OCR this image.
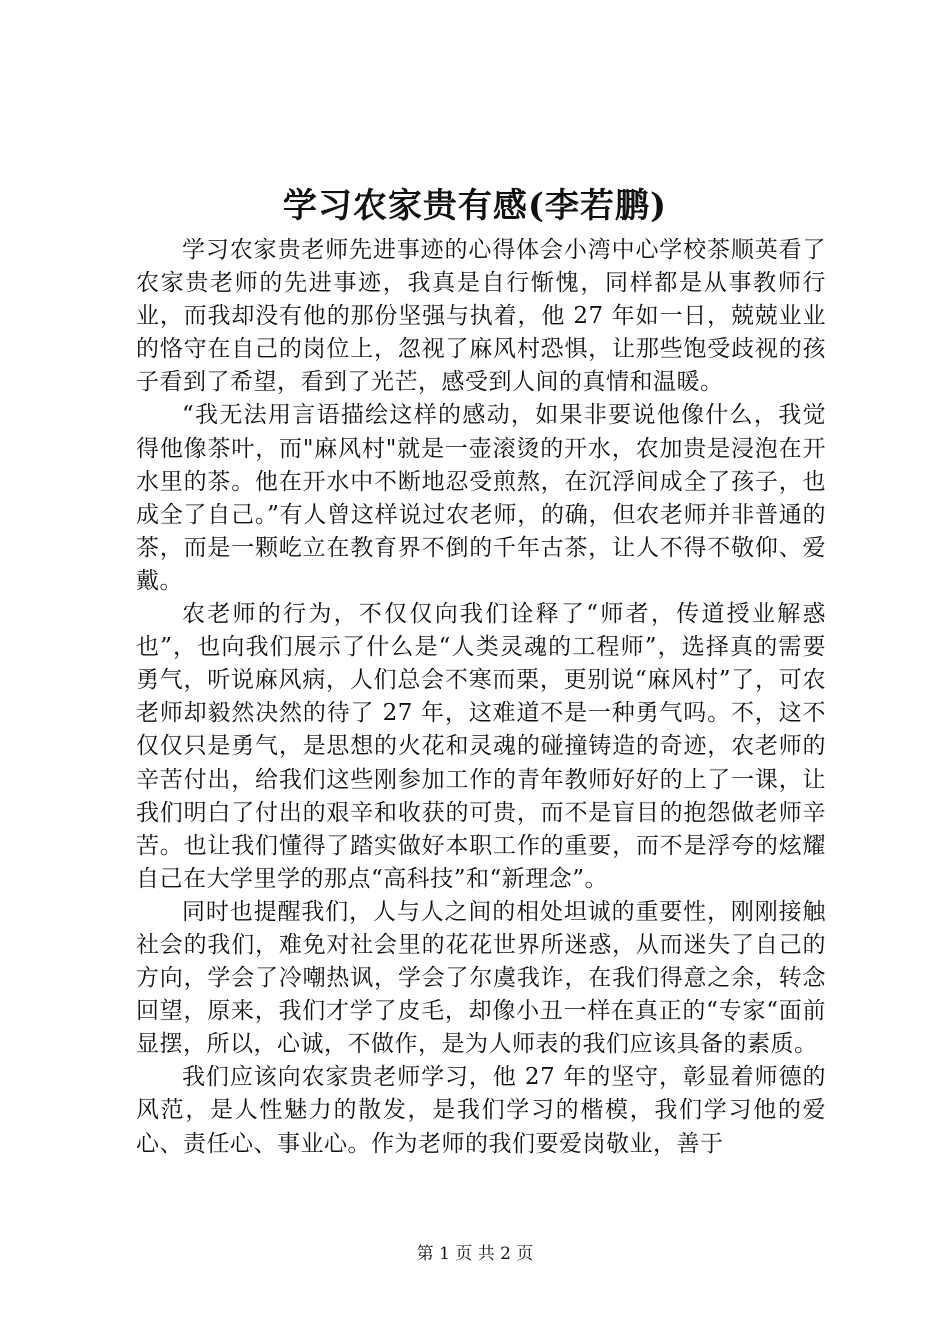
学习农家贵有感(李若鹏)

学习农家贵老师先进事迹的心得体会小湾中心学校茶顺英看了农家贵老师的先进事迹，我真是自行惭愧，同样都是从事教师行业，而我却没有他的那份坚强与执着，他 27 年如一日，兢兢业业的恪守在自己的岗位上，忽视了麻风村恐惧，让那些饱受歧视的孩子看到了希望，看到了光芒，感受到人间的真情和温暖。

“我无法用言语描绘这样的感动，如果非要说他像什么，我觉得他像茶叶，而"麻风村"就是一壶滚烫的开水，农加贵是浸泡在开水里的茶。他在开水中不断地忍受煎熬，在沉浮间成全了孩子，也成全了自己。”有人曾这样说过农老师，的确，但农老师并非普通的茶，而是一颗屹立在教育界不倒的千年古茶，让人不得不敬仰、爱戴。

农老师的行为，不仅仅向我们诠释了“师者，传道授业解惑也”，也向我们展示了什么是“人类灵魂的工程师”，选择真的需要勇气，听说麻风病，人们总会不寒而栗，更别说“麻风村”了，可农老师却毅然决然的待了 27 年，这难道不是一种勇气吗。不，这不仅仅只是勇气，是思想的火花和灵魂的碰撞铸造的奇迹，农老师的辛苦付出，给我们这些刚参加工作的青年教师好好的上了一课，让我们明白了付出的艰辛和收获的可贵，而不是盲目的抱怨做老师辛苦。也让我们懂得了踏实做好本职工作的重要，而不是浮夸的炫耀自己在大学里学的那点“高科技”和“新理念”。

同时也提醒我们，人与人之间的相处坦诚的重要性，刚刚接触社会的我们，难免对社会里的花花世界所迷惑，从而迷失了自己的方向，学会了冷嘲热讽，学会了尔虞我诈，在我们得意之余，转念回望，原来，我们才学了皮毛，却像小丑一样在真正的“专家“面前显摆，所以，心诚，不做作，是为人师表的我们应该具备的素质。

我们应该向农家贵老师学习，他 27 年的坚守，彰显着师德的风范，是人性魅力的散发，是我们学习的楷模，我们学习他的爱心、责任心、事业心。作为老师的我们要爱岗敬业，善于

第 1 页 共 2 页
